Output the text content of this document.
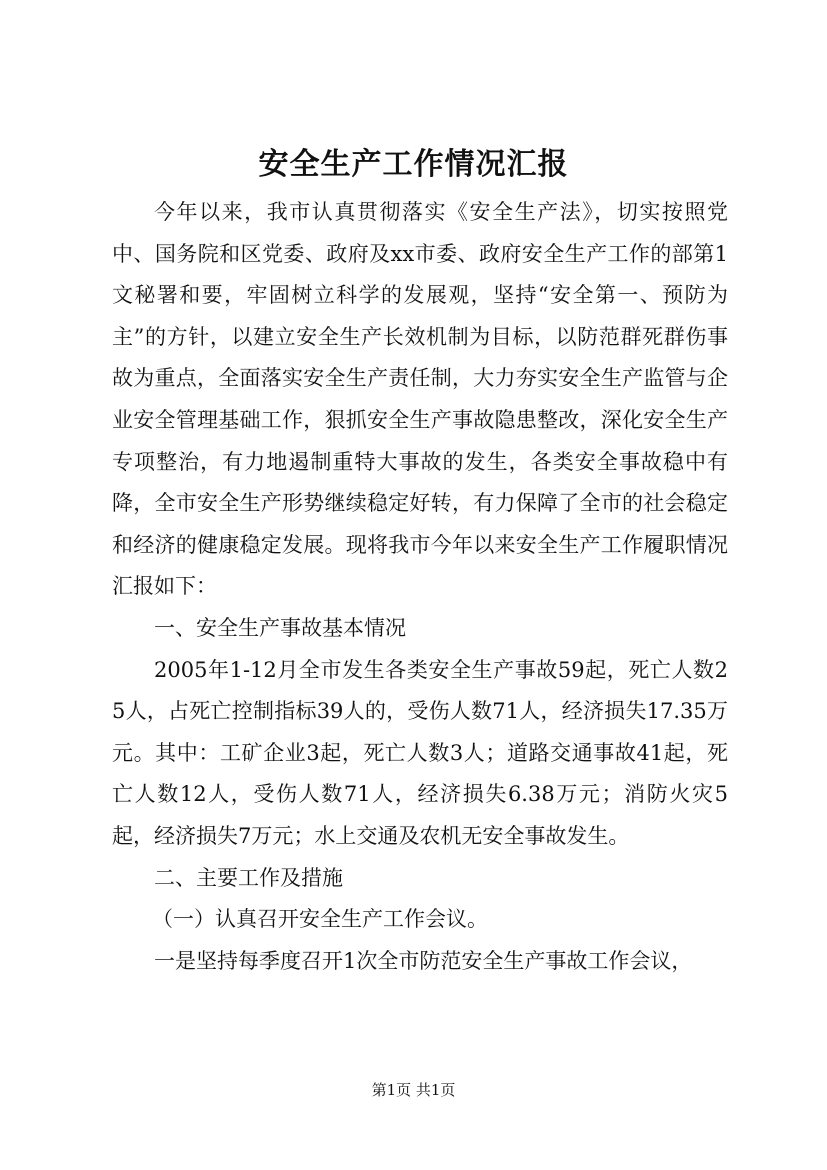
安全生产工作情况汇报

今年以来，我市认真贯彻落实《安全生产法》，切实按照党中、国务院和区党委、政府及xx市委、政府安全生产工作的部第1文秘署和要，牢固树立科学的发展观，坚持“安全第一、预防为主”的方针，以建立安全生产长效机制为目标，以防范群死群伤事故为重点，全面落实安全生产责任制，大力夯实安全生产监管与企业安全管理基础工作，狠抓安全生产事故隐患整改，深化安全生产专项整治，有力地遏制重特大事故的发生，各类安全事故稳中有降，全市安全生产形势继续稳定好转，有力保障了全市的社会稳定和经济的健康稳定发展。现将我市今年以来安全生产工作履职情况汇报如下：

一、安全生产事故基本情况

2005年1-12月全市发生各类安全生产事故59起，死亡人数25人，占死亡控制指标39人的，受伤人数71人，经济损失17.35万元。其中：工矿企业3起，死亡人数3人；道路交通事故41起，死亡人数12人，受伤人数71人，经济损失6.38万元；消防火灾5起，经济损失7万元；水上交通及农机无安全事故发生。

二、主要工作及措施

（一）认真召开安全生产工作会议。

一是坚持每季度召开1次全市防范安全生产事故工作会议，

第1页 共1页
